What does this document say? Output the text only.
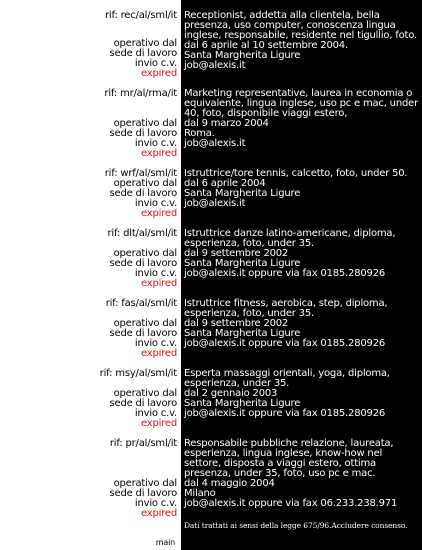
rif: rec/al/sml/it
operativo dal
sede di lavoro
invio c.v.
expired
Receptionist, addetta alla clientela, bella presenza, uso computer, conoscenza lingua inglese, responsabile, residente nel tigullio, foto.
dal 6 aprile al 10 settembre 2004.
Santa Margherita Ligure
job@alexis.it
rif: mr/al/rma/it
operativo dal
sede di lavoro
invio c.v.
expired
Marketing representative, laurea in economia o equivalente, lingua inglese, uso pc e mac, under 40, foto, disponibile viaggi estero,
dal 9 marzo 2004
Roma.
job@alexis.it
rif: wrf/al/sml/it
operativo dal
sede di lavoro
invio c.v.
expired
Istruttrice/tore tennis, calcetto, foto, under 50.
dal 6 aprile 2004
Santa Margherita Ligure
job@alexis.it
rif: dlt/al/sml/it
operativo dal
sede di lavoro
invio c.v.
expired
Istruttrice danze latino-americane, diploma, esperienza, foto, under 35.
dal 9 settembre 2002
Santa Margherita Ligure
job@alexis.it oppure via fax 0185.280926
rif: fas/al/sml/it
operativo dal
sede di lavoro
invio c.v.
expired
Istruttrice fitness, aerobica, step, diploma, esperienza, foto, under 35.
dal 9 settembre 2002
Santa Margherita Ligure
job@alexis.it oppure via fax 0185.280926
rif: msy/al/sml/it
operativo dal
sede di lavoro
invio c.v.
expired
Esperta massaggi orientali, yoga, diploma, esperienza, under 35.
dal 2 gennaio 2003
Santa Margherita Ligure
job@alexis.it oppure via fax 0185.280926
rif: pr/al/sml/it
operativo dal
sede di lavoro
invio c.v.
expired
Responsabile pubbliche relazione, laureata, esperienza, lingua inglese, know-how nel settore, disposta a viaggi estero, ottima presenza, under 35, foto, uso pc e mac.
dal 4 maggio 2004
Milano
job@alexis.it oppure via fax 06.233.238.971
Dati trattati ai sensi della legge 675/96.Accludere consenso.
main
